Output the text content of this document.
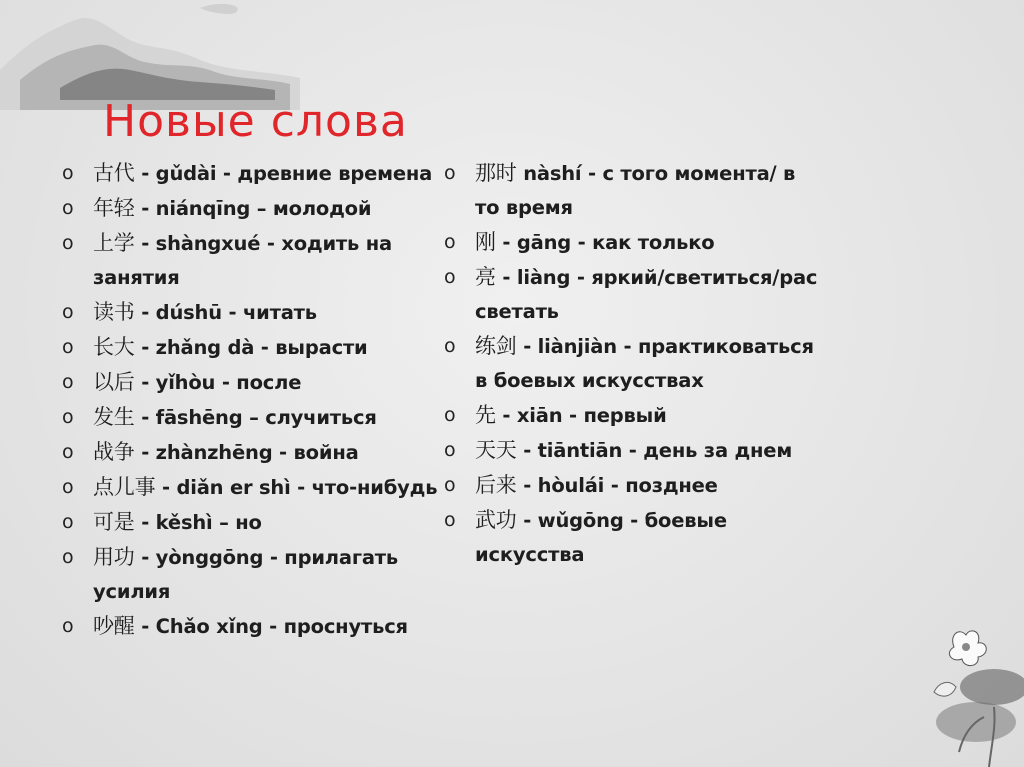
Новые слова
o 古代 - gǔdài - древние времена
o 年轻 - niánqīng – молодой
o 上学 - shàngxué - ходить на занятия
o 读书 - dúshū - читать
o 长大 - zhǎng dà - вырасти
o 以后 - yǐhòu - после
o 发生 - fāshēng – случиться
o 战争 - zhànzhēng - война
o 点儿事 - diǎn er shì - что-нибудь
o 可是 - kěshì – но
o 用功 - yònggōng - прилагать усилия
o 吵醒 - Chǎo xǐng - проснуться
o 那时 nàshí - с того момента/ в то время
o 刚 - gāng - как только
o 亮 - liàng - яркий/светиться/рассветать
o 练剑 - liànjiàn - практиковаться в боевых искусствах
o 先 - xiān - первый
o 天天 - tiāntiān - день за днем
o 后来 - hòulái - позднее
o 武功 - wǔgōng - боевые искусства
